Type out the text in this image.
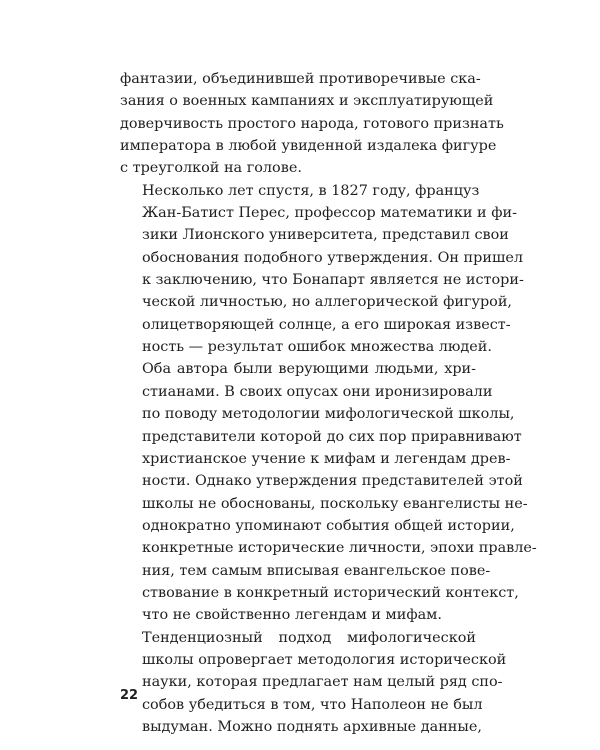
фантазии, объединившей противоречивые ска-
зания о военных кампаниях и эксплуатирующей
доверчивость простого народа, готового признать
императора в любой увиденной издалека фигуре
с треуголкой на голове.

Несколько лет спустя, в 1827 году, француз
Жан-Батист Перес, профессор математики и фи-
зики Лионского университета, представил свои
обоснования подобного утверждения. Он пришел
к заключению, что Бонапарт является не истори-
ческой личностью, но аллегорической фигурой,
олицетворяющей солнце, а его широкая извест-
ность — результат ошибок множества людей.

Оба автора были верующими людьми, хри-
стианами. В своих опусах они иронизировали
по поводу методологии мифологической школы,
представители которой до сих пор приравнивают
христианское учение к мифам и легендам древ-
ности. Однако утверждения представителей этой
школы не обоснованы, поскольку евангелисты не-
однократно упоминают события общей истории,
конкретные исторические личности, эпохи правле-
ния, тем самым вписывая евангельское пове-
ствование в конкретный исторический контекст,
что не свойственно легендам и мифам.

Тенденциозный подход мифологической
школы опровергает методология исторической
науки, которая предлагает нам целый ряд спо-
собов убедиться в том, что Наполеон не был
выдуман. Можно поднять архивные данные,

22
